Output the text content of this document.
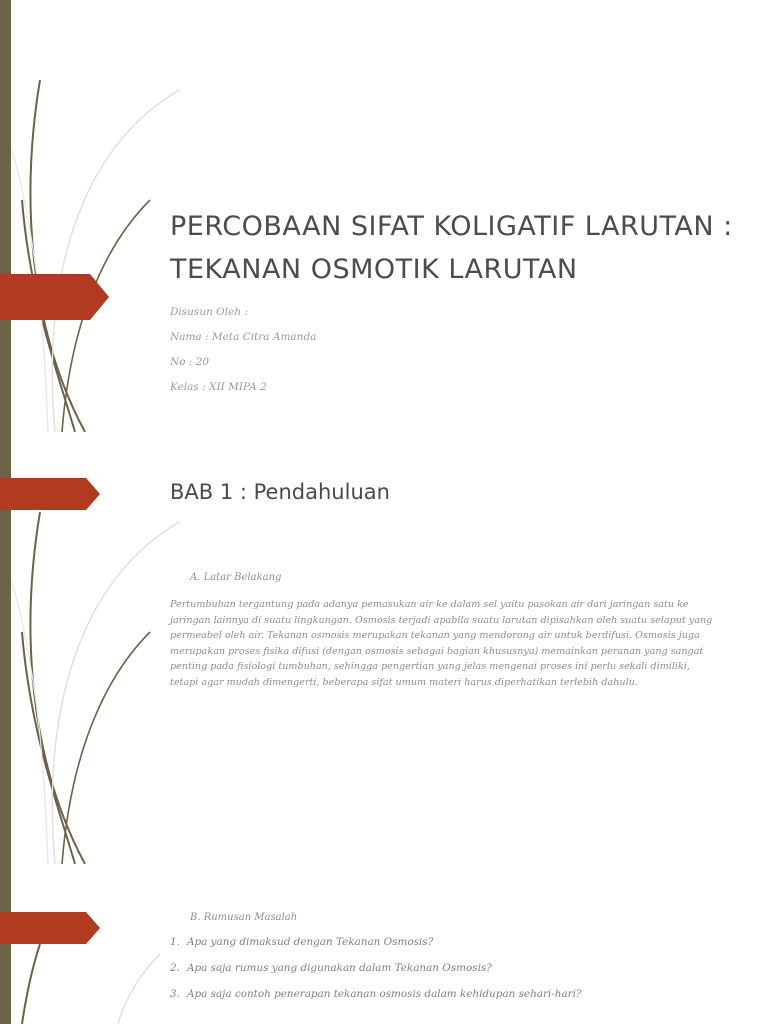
PERCOBAAN SIFAT KOLIGATIF LARUTAN :
TEKANAN OSMOTIK LARUTAN

Disusun Oleh :

Nama : Meta Citra Amanda

No : 20

Kelas : XII MIPA 2

BAB 1 : Pendahuluan

A. Latar Belakang

Pertumbuhan tergantung pada adanya pemasukan air ke dalam sel yaitu pasokan air dari jaringan satu ke jaringan lainnya di suatu lingkungan. Osmosis terjadi apabila suatu larutan dipisahkan oleh suatu selaput yang permeabel oleh air. Tekanan osmosis merupakan tekanan yang mendorong air untuk berdifusi. Osmosis juga merupakan proses fisika difusi (dengan osmosis sebagai bagian khususnya) memainkan peranan yang sangat penting pada fisiologi tumbuhan, sehingga pengertian yang jelas mengenai proses ini perlu sekali dimiliki, tetapi agar mudah dimengerti, beberapa sifat umum materi harus diperhatikan terlebih dahulu.

B. Rumusan Masalah

1. Apa yang dimaksud dengan Tekanan Osmosis?
2. Apa saja rumus yang digunakan dalam Tekanan Osmosis?
3. Apa saja contoh penerapan tekanan osmosis dalam kehidupan sehari-hari?
